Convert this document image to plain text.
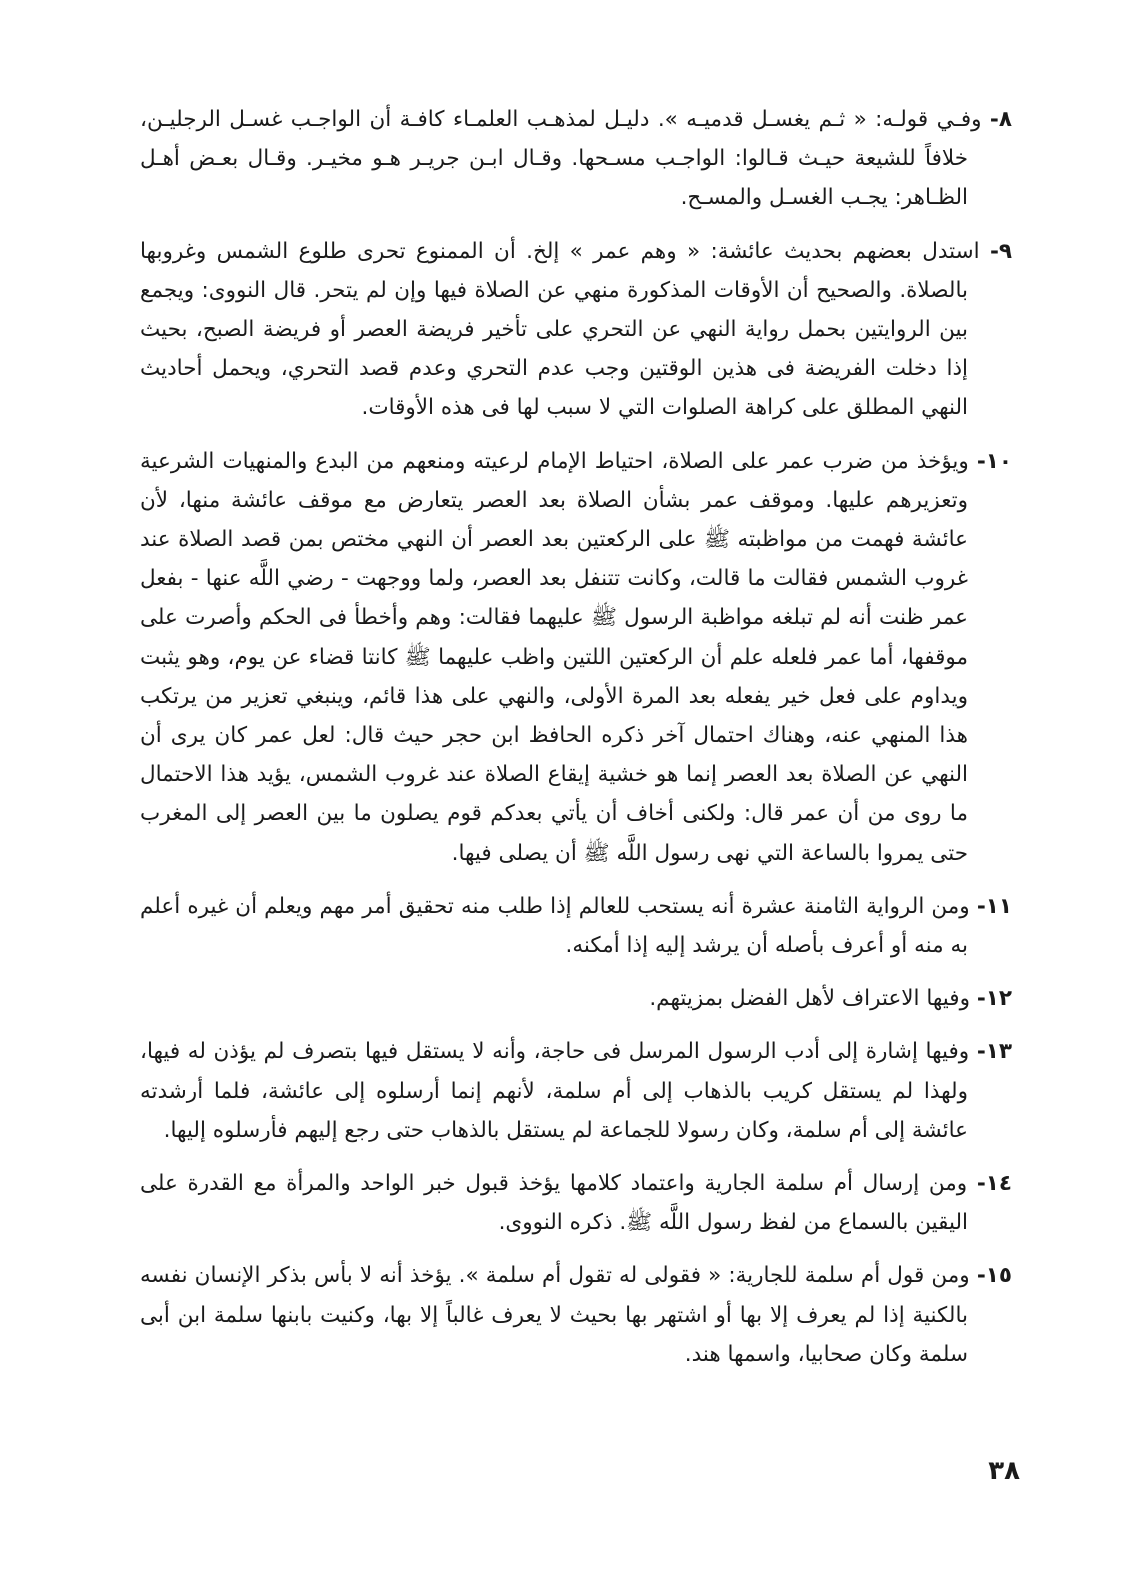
٨- وفـي قولـه: « ثـم يغسـل قدميـه ». دليـل لمذهـب العلمـاء كافـة أن الواجـب غسـل الرجليـن، خلافاً للشيعة حيـث قـالوا: الواجـب مسـحها. وقـال ابـن جريـر هـو مخيـر. وقـال بعـض أهـل الظـاهر: يجـب الغسـل والمسـح.

٩- استدل بعضهم بحديث عائشة: « وهم عمر » إلخ. أن الممنوع تحرى طلوع الشمس وغروبها بالصلاة. والصحيح أن الأوقات المذكورة منهي عن الصلاة فيها وإن لم يتحر. قال النووى: ويجمع بين الروايتين بحمل رواية النهي عن التحري على تأخير فريضة العصر أو فريضة الصبح، بحيث إذا دخلت الفريضة فى هذين الوقتين وجب عدم التحري وعدم قصد التحري، ويحمل أحاديث النهي المطلق على كراهة الصلوات التي لا سبب لها فى هذه الأوقات.

١٠- ويؤخذ من ضرب عمر على الصلاة، احتياط الإمام لرعيته ومنعهم من البدع والمنهيات الشرعية وتعزيرهم عليها. وموقف عمر بشأن الصلاة بعد العصر يتعارض مع موقف عائشة منها، لأن عائشة فهمت من مواظبته ﷺ على الركعتين بعد العصر أن النهي مختص بمن قصد الصلاة عند غروب الشمس فقالت ما قالت، وكانت تتنفل بعد العصر، ولما ووجهت - رضي اللَّه عنها - بفعل عمر ظنت أنه لم تبلغه مواظبة الرسول ﷺ عليهما فقالت: وهم وأخطأ فى الحكم وأصرت على موقفها، أما عمر فلعله علم أن الركعتين اللتين واظب عليهما ﷺ كانتا قضاء عن يوم، وهو يثبت ويداوم على فعل خير يفعله بعد المرة الأولى، والنهي على هذا قائم، وينبغي تعزير من يرتكب هذا المنهي عنه، وهناك احتمال آخر ذكره الحافظ ابن حجر حيث قال: لعل عمر كان يرى أن النهي عن الصلاة بعد العصر إنما هو خشية إيقاع الصلاة عند غروب الشمس، يؤيد هذا الاحتمال ما روى من أن عمر قال: ولكنى أخاف أن يأتي بعدكم قوم يصلون ما بين العصر إلى المغرب حتى يمروا بالساعة التي نهى رسول اللَّه ﷺ أن يصلى فيها.

١١- ومن الرواية الثامنة عشرة أنه يستحب للعالم إذا طلب منه تحقيق أمر مهم ويعلم أن غيره أعلم به منه أو أعرف بأصله أن يرشد إليه إذا أمكنه.

١٢- وفيها الاعتراف لأهل الفضل بمزيتهم.

١٣- وفيها إشارة إلى أدب الرسول المرسل فى حاجة، وأنه لا يستقل فيها بتصرف لم يؤذن له فيها، ولهذا لم يستقل كريب بالذهاب إلى أم سلمة، لأنهم إنما أرسلوه إلى عائشة، فلما أرشدته عائشة إلى أم سلمة، وكان رسولا للجماعة لم يستقل بالذهاب حتى رجع إليهم فأرسلوه إليها.

١٤- ومن إرسال أم سلمة الجارية واعتماد كلامها يؤخذ قبول خبر الواحد والمرأة مع القدرة على اليقين بالسماع من لفظ رسول اللَّه ﷺ. ذكره النووى.

١٥- ومن قول أم سلمة للجارية: « فقولى له تقول أم سلمة ». يؤخذ أنه لا بأس بذكر الإنسان نفسه بالكنية إذا لم يعرف إلا بها أو اشتهر بها بحيث لا يعرف غالباً إلا بها، وكنيت بابنها سلمة ابن أبى سلمة وكان صحابيا، واسمها هند.

٣٨
